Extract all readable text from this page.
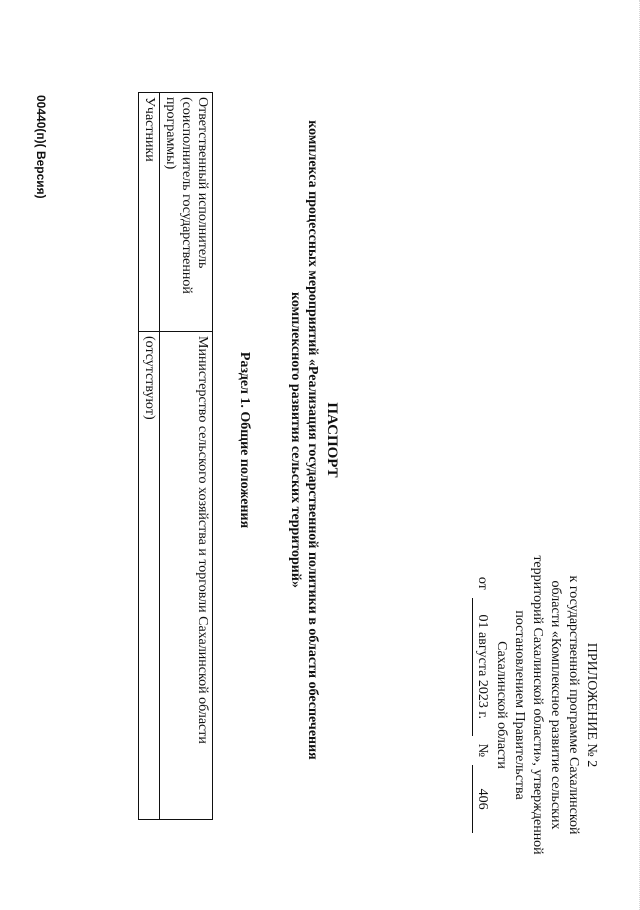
ПРИЛОЖЕНИЕ № 2
к государственной программе Сахалинской
области «Комплексное развитие сельских
территорий Сахалинской области», утвержденной
постановлением Правительства
Сахалинской области
от
01 августа 2023 г.
№
406
ПАСПОРТ
комплекса процессных мероприятий «Реализация государственной политики в области обеспечения
комплексного развития сельских территорий»
Раздел 1. Общие положения
Ответственный исполнитель (соисполнитель государственной программы)	Министерство сельского хозяйства и торговли Сахалинской области
Участники	(отсутствуют)
00440(п)( Версия)
